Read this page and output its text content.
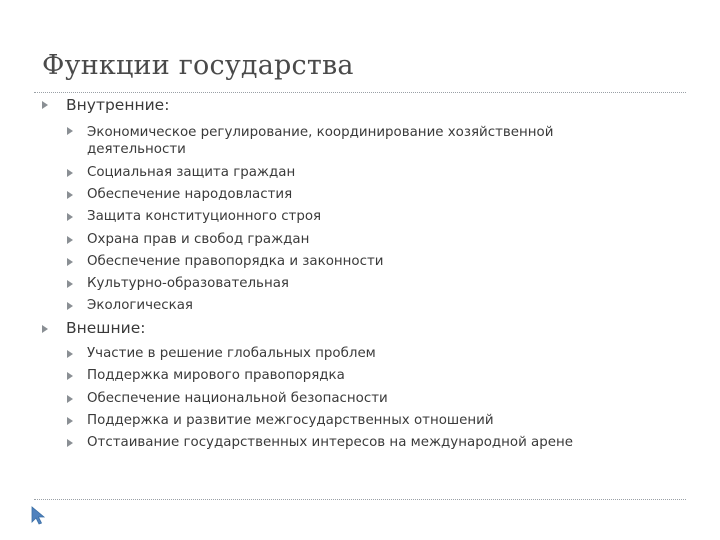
Функции государства
Внутренние:
Экономическое регулирование, координирование хозяйственной
деятельности
Социальная защита граждан
Обеспечение народовластия
Защита конституционного строя
Охрана прав и свобод граждан
Обеспечение правопорядка и законности
Культурно-образовательная
Экологическая
Внешние:
Участие в решение глобальных проблем
Поддержка мирового правопорядка
Обеспечение национальной безопасности
Поддержка и развитие межгосударственных отношений
Отстаивание государственных интересов на международной арене
